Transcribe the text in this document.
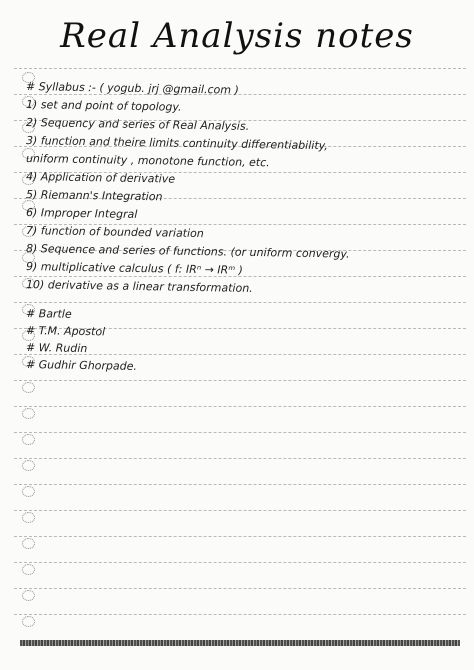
Real Analysis notes
# Syllabus :- ( yogub. jrj @gmail.com )
1) set and point of topology.
2) Sequency and series of Real Analysis.
3) function and theire limits continuity differentiability,
uniform continuity , monotone function, etc.
4) Application of derivative
5) Riemann's Integration
6) Improper Integral
7) function of bounded variation
8) Sequence and series of functions. (or uniform convergy.
9) multiplicative calculus ( f: IRⁿ → IRᵐ )
10) derivative as a linear transformation.
# Bartle
# T.M. Apostol
# W. Rudin
# Gudhir Ghorpade.
